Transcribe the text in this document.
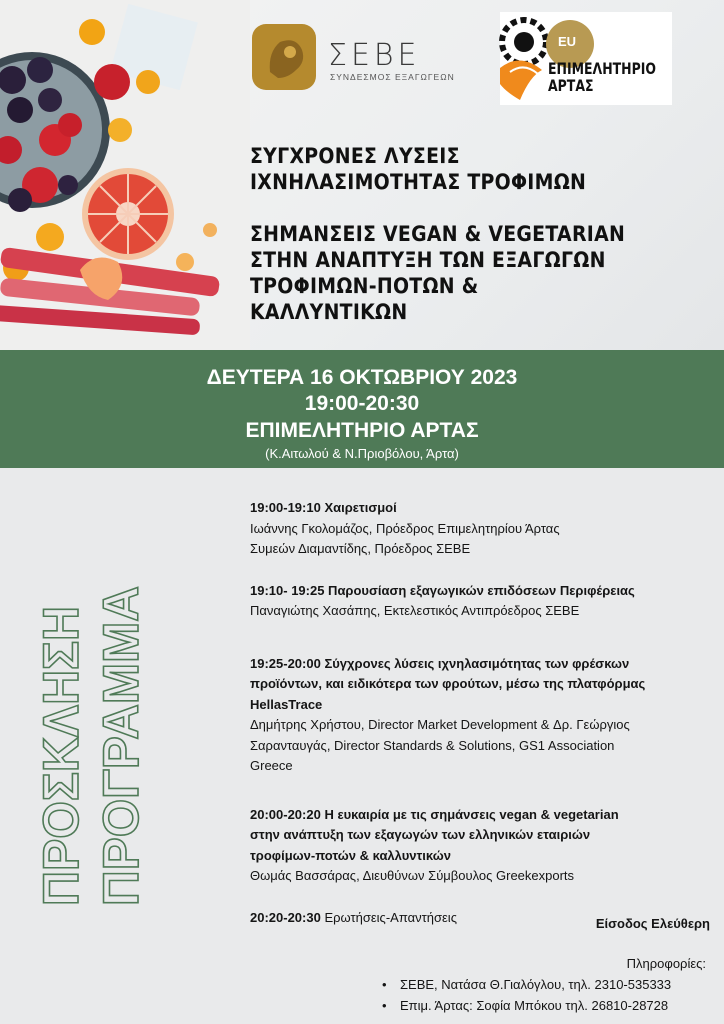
ΣΕΒΕ
ΣΥΝΔΕΣΜΟΣ ΕΞΑΓΩΓΕΩΝ
EU
ΕΠΙΜΕΛΗΤΗΡΙΟ
ΑΡΤΑΣ
ΣΥΓΧΡΟΝΕΣ ΛΥΣΕΙΣ
ΙΧΝΗΛΑΣΙΜΟΤΗΤΑΣ ΤΡΟΦΙΜΩΝ
ΣΗΜΑΝΣΕΙΣ VEGAN & VEGETARIAN
ΣΤΗΝ ΑΝΑΠΤΥΞΗ ΤΩΝ ΕΞΑΓΩΓΩΝ
ΤΡΟΦΙΜΩΝ-ΠΟΤΩΝ &
ΚΑΛΛΥΝΤΙΚΩΝ
ΔΕΥΤΕΡΑ 16 ΟΚΤΩΒΡΙΟΥ 2023
19:00-20:30
ΕΠΙΜΕΛΗΤΗΡΙΟ ΑΡΤΑΣ
(Κ.Αιτωλού & Ν.Πριοβόλου, Άρτα)
ΠΡΟΣΚΛΗΣΗ ΠΡΟΓΡΑΜΜΑ
19:00-19:10 Χαιρετισμοί
Ιωάννης Γκολομάζος, Πρόεδρος Επιμελητηρίου Άρτας
Συμεών Διαμαντίδης, Πρόεδρος ΣΕΒΕ
19:10- 19:25 Παρουσίαση εξαγωγικών επιδόσεων Περιφέρειας
Παναγιώτης Χασάπης, Εκτελεστικός Αντιπρόεδρος ΣΕΒΕ
19:25-20:00 Σύγχρονες λύσεις ιχνηλασιμότητας των φρέσκων
προϊόντων, και ειδικότερα των φρούτων, μέσω της πλατφόρμας
HellasTrace
Δημήτρης Χρήστου, Director Market Development & Δρ. Γεώργιος
Σαρανταυγάς, Director Standards & Solutions, GS1 Association
Greece
20:00-20:20 Η ευκαιρία με τις σημάνσεις vegan & vegetarian
στην ανάπτυξη των εξαγωγών των ελληνικών εταιριών
τροφίμων-ποτών & καλλυντικών
Θωμάς Βασσάρας, Διευθύνων Σύμβουλος Greekexports
20:20-20:30 Ερωτήσεις-Απαντήσεις	Είσοδος Ελεύθερη
Πληροφορίες:
• ΣΕΒΕ, Νατάσα Θ.Γιαλόγλου, τηλ. 2310-535333
• Επιμ. Άρτας: Σοφία Μπόκου τηλ. 26810-28728
